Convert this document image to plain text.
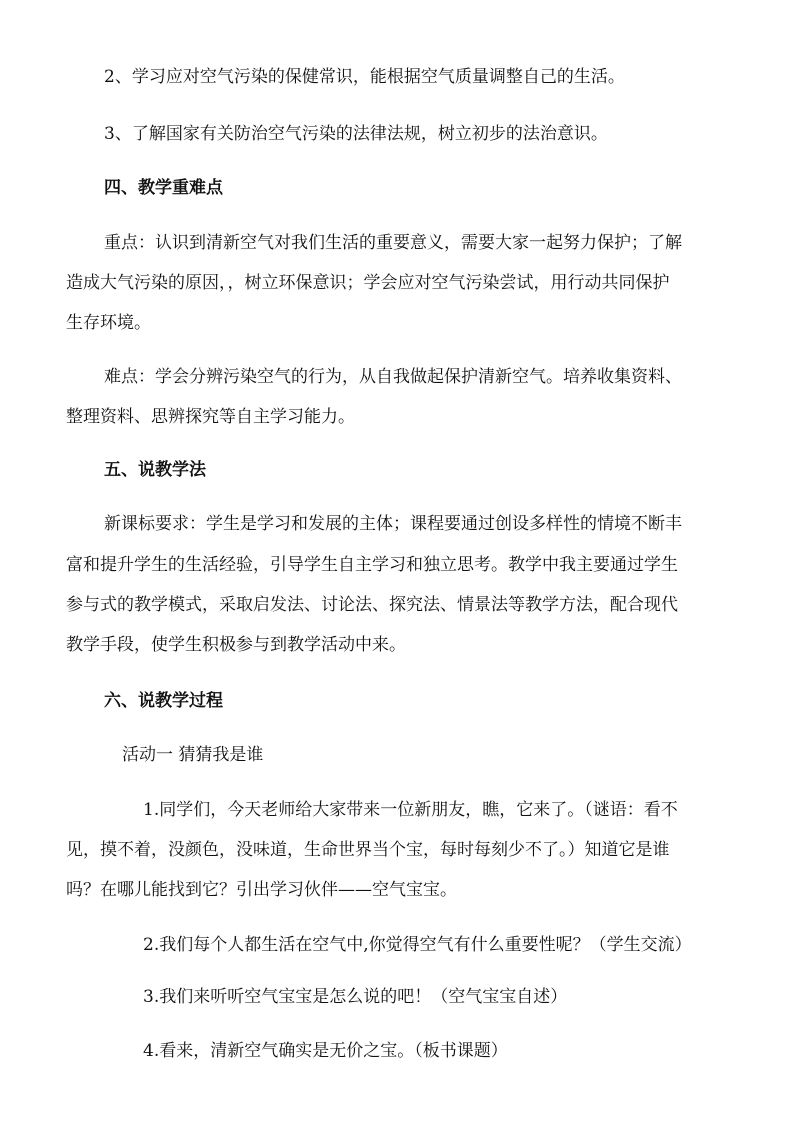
2、学习应对空气污染的保健常识，能根据空气质量调整自己的生活。
3、了解国家有关防治空气污染的法律法规，树立初步的法治意识。
四、教学重难点
重点：认识到清新空气对我们生活的重要意义，需要大家一起努力保护；了解
造成大气污染的原因，，树立环保意识；学会应对空气污染尝试，用行动共同保护
生存环境。
难点：学会分辨污染空气的行为，从自我做起保护清新空气。培养收集资料、
整理资料、思辨探究等自主学习能力。
五、说教学法
新课标要求：学生是学习和发展的主体；课程要通过创设多样性的情境不断丰
富和提升学生的生活经验，引导学生自主学习和独立思考。教学中我主要通过学生
参与式的教学模式，采取启发法、讨论法、探究法、情景法等教学方法，配合现代
教学手段，使学生积极参与到教学活动中来。
六、说教学过程
活动一 猜猜我是谁
1.同学们，今天老师给大家带来一位新朋友，瞧，它来了。（谜语：看不
见，摸不着，没颜色，没味道，生命世界当个宝，每时每刻少不了。）知道它是谁
吗？在哪儿能找到它？引出学习伙伴——空气宝宝。
2.我们每个人都生活在空气中,你觉得空气有什么重要性呢？（学生交流）
3.我们来听听空气宝宝是怎么说的吧！（空气宝宝自述）
4.看来，清新空气确实是无价之宝。（板书课题）
